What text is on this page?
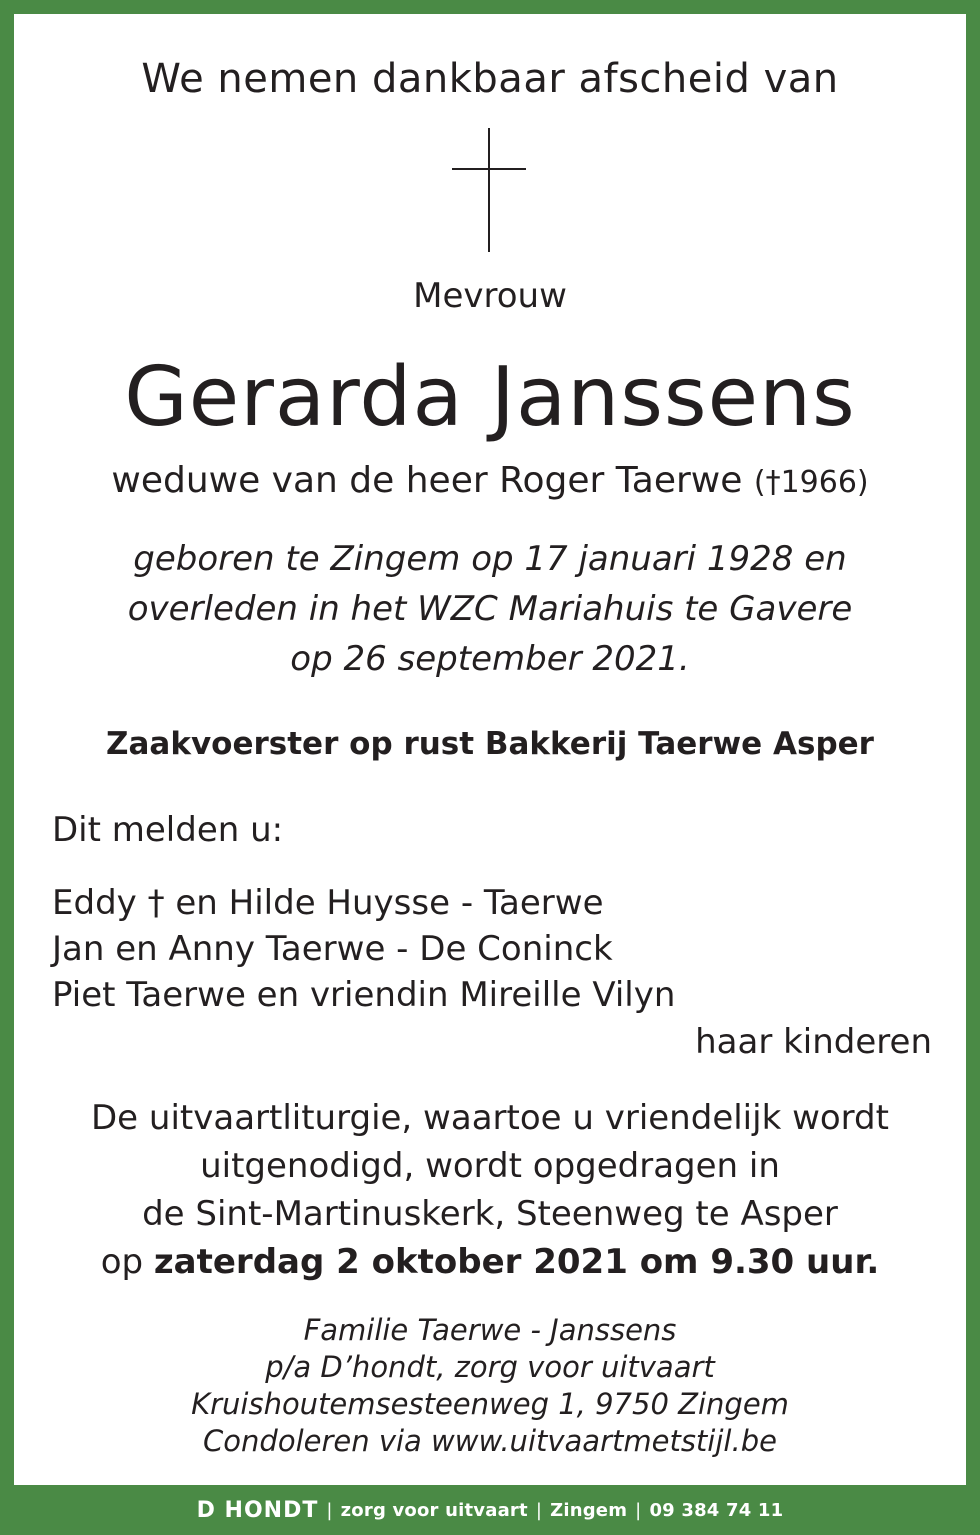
We nemen dankbaar afscheid van
Mevrouw
Gerarda Janssens
weduwe van de heer Roger Taerwe (†1966)
geboren te Zingem op 17 januari 1928 en
overleden in het WZC Mariahuis te Gavere
op 26 september 2021.
Zaakvoerster op rust Bakkerij Taerwe Asper
Dit melden u:
Eddy † en Hilde Huysse - Taerwe
Jan en Anny Taerwe - De Coninck
Piet Taerwe en vriendin Mireille Vilyn
haar kinderen
De uitvaartliturgie, waartoe u vriendelijk wordt
uitgenodigd, wordt opgedragen in
de Sint-Martinuskerk, Steenweg te Asper
op zaterdag 2 oktober 2021 om 9.30 uur.
Familie Taerwe - Janssens
p/a D’hondt, zorg voor uitvaart
Kruishoutemsesteenweg 1, 9750 Zingem
Condoleren via www.uitvaartmetstijl.be
D HONDT | zorg voor uitvaart | Zingem | 09 384 74 11
